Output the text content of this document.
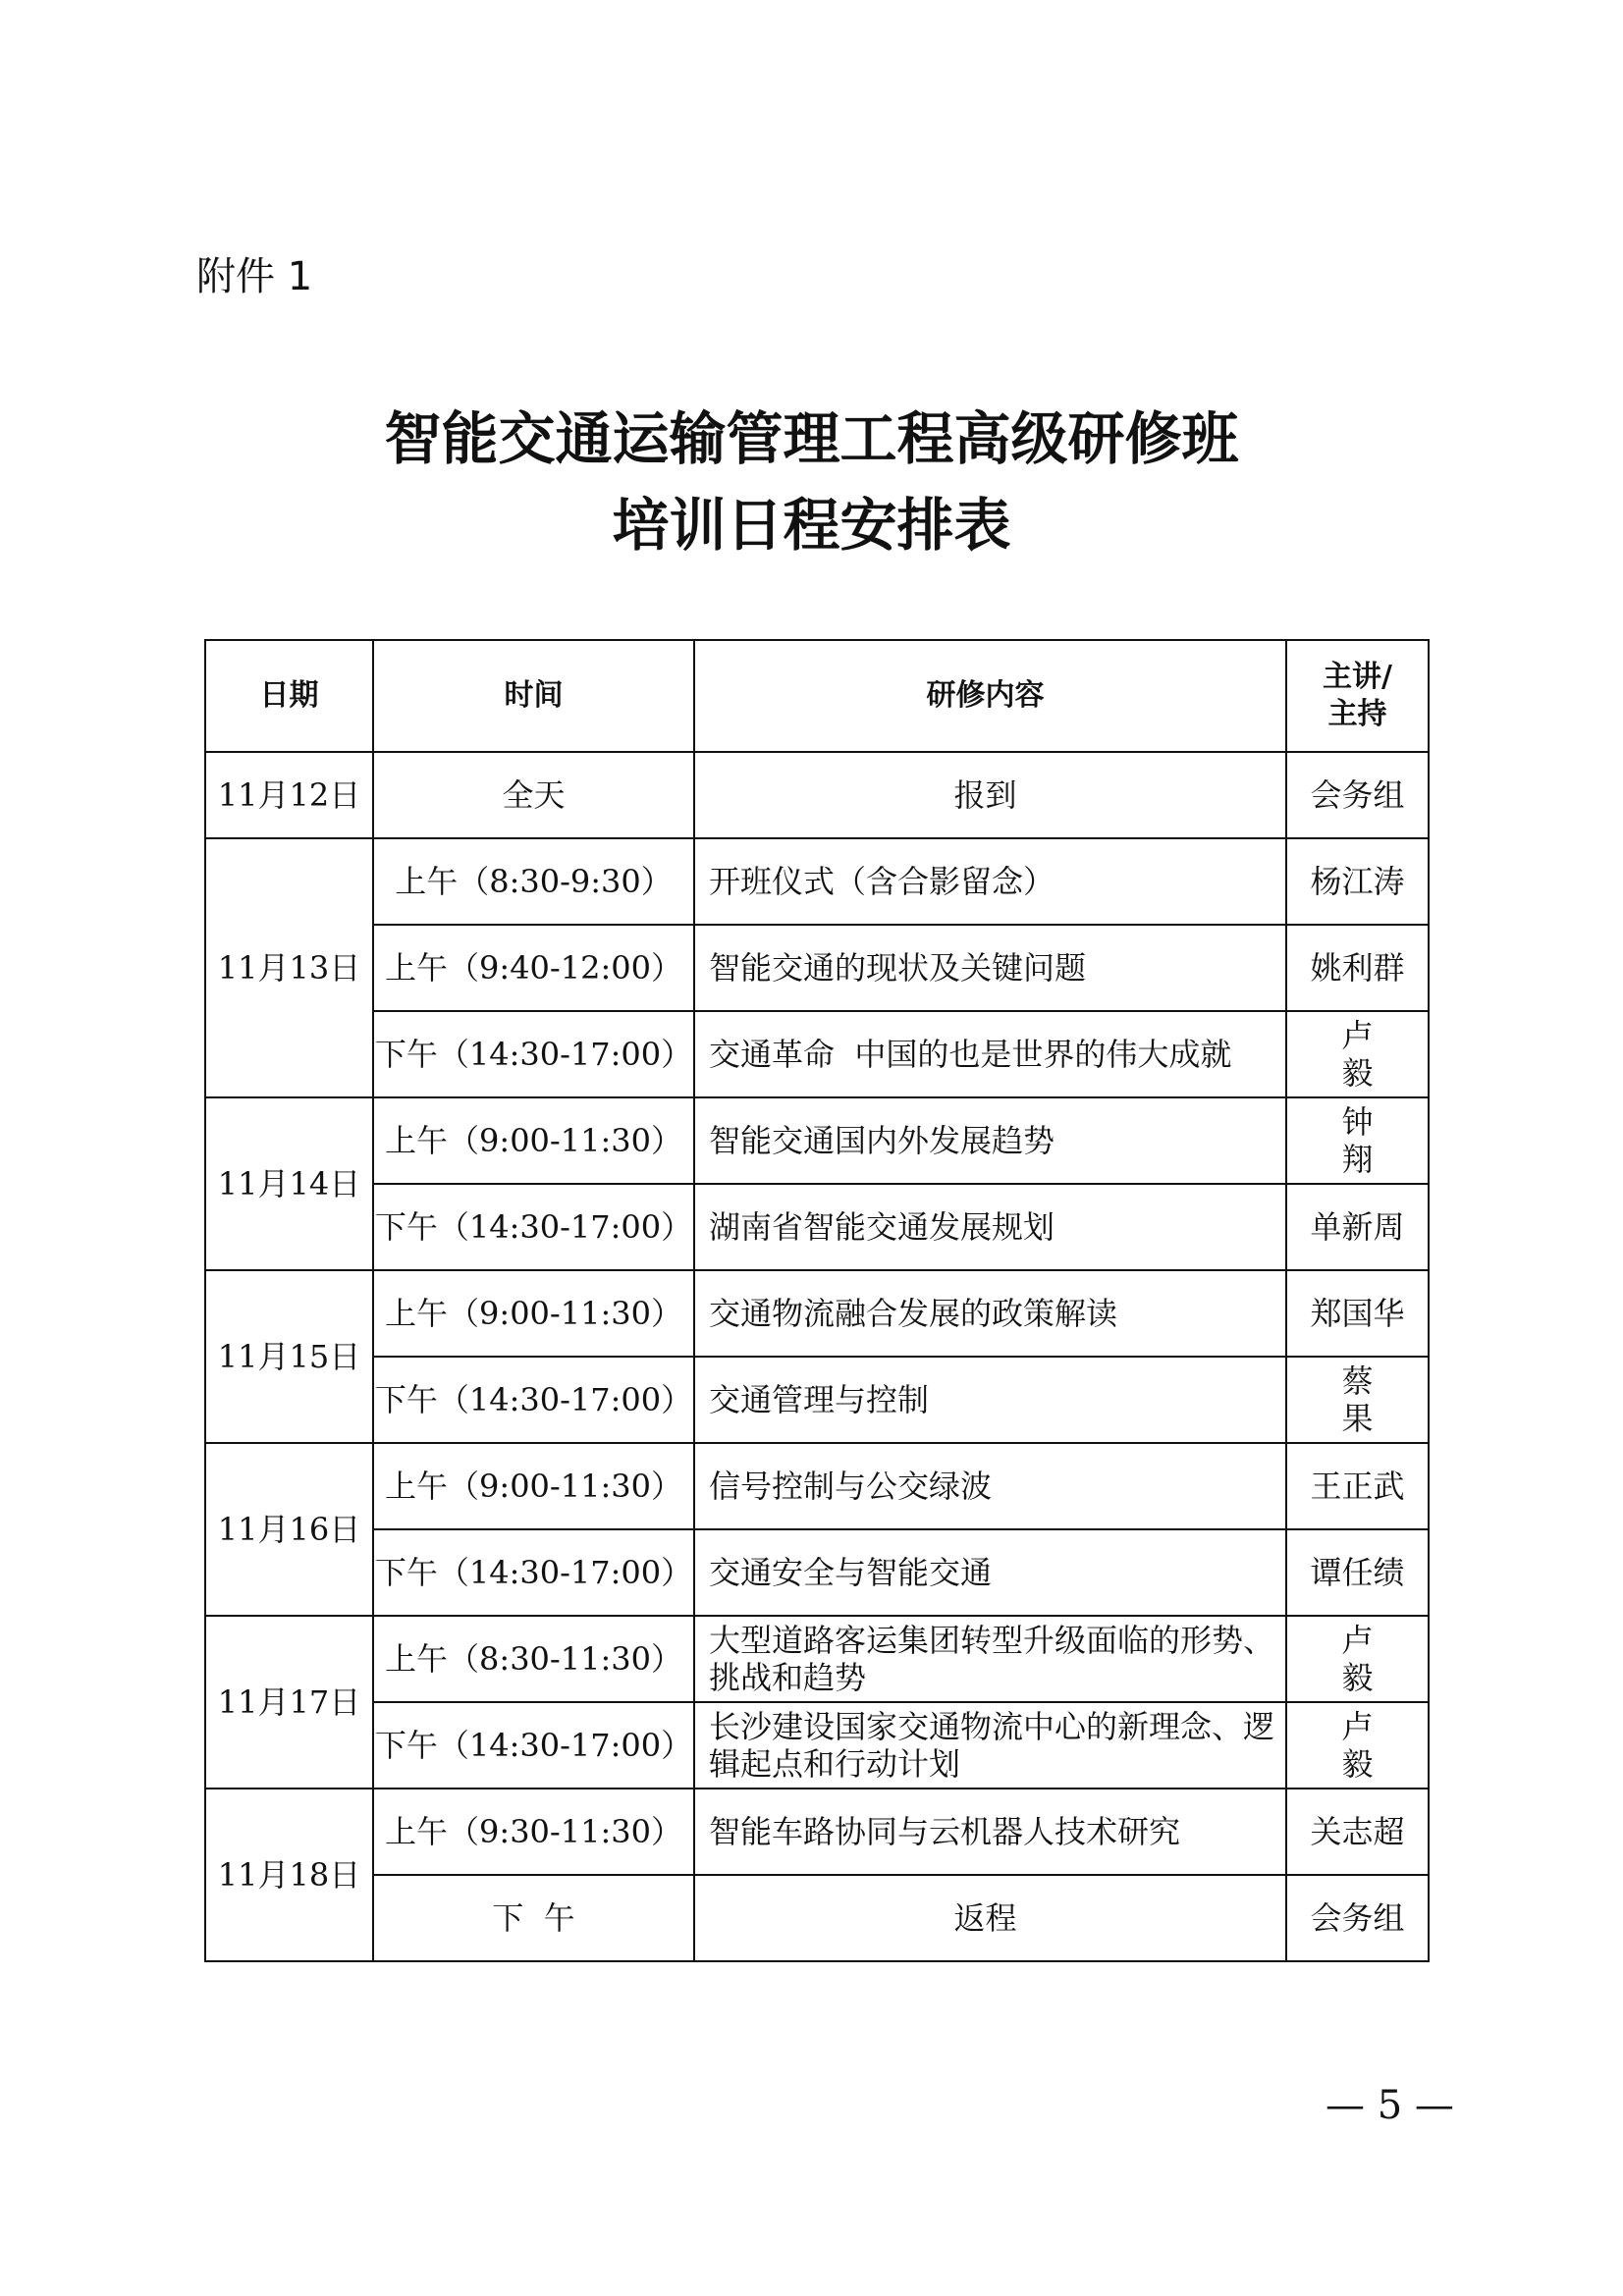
附件 1
智能交通运输管理工程高级研修班
培训日程安排表
日期	时间	研修内容	主讲/
主持
11月12日	全天	报到	会务组
11月13日	上午（8:30-9:30）	开班仪式（含合影留念）	杨江涛
	上午（9:40-12:00）	智能交通的现状及关键问题	姚利群
	下午（14:30-17:00）	交通革命  中国的也是世界的伟大成就	卢毅
11月14日	上午（9:00-11:30）	智能交通国内外发展趋势	钟翔
	下午（14:30-17:00）	湖南省智能交通发展规划	单新周
11月15日	上午（9:00-11:30）	交通物流融合发展的政策解读	郑国华
	下午（14:30-17:00）	交通管理与控制	蔡果
11月16日	上午（9:00-11:30）	信号控制与公交绿波	王正武
	下午（14:30-17:00）	交通安全与智能交通	谭任绩
11月17日	上午（8:30-11:30）	大型道路客运集团转型升级面临的形势、挑战和趋势	卢毅
	下午（14:30-17:00）	长沙建设国家交通物流中心的新理念、逻辑起点和行动计划	卢毅
11月18日	上午（9:30-11:30）	智能车路协同与云机器人技术研究	关志超
	下  午	返程	会务组
— 5 —
